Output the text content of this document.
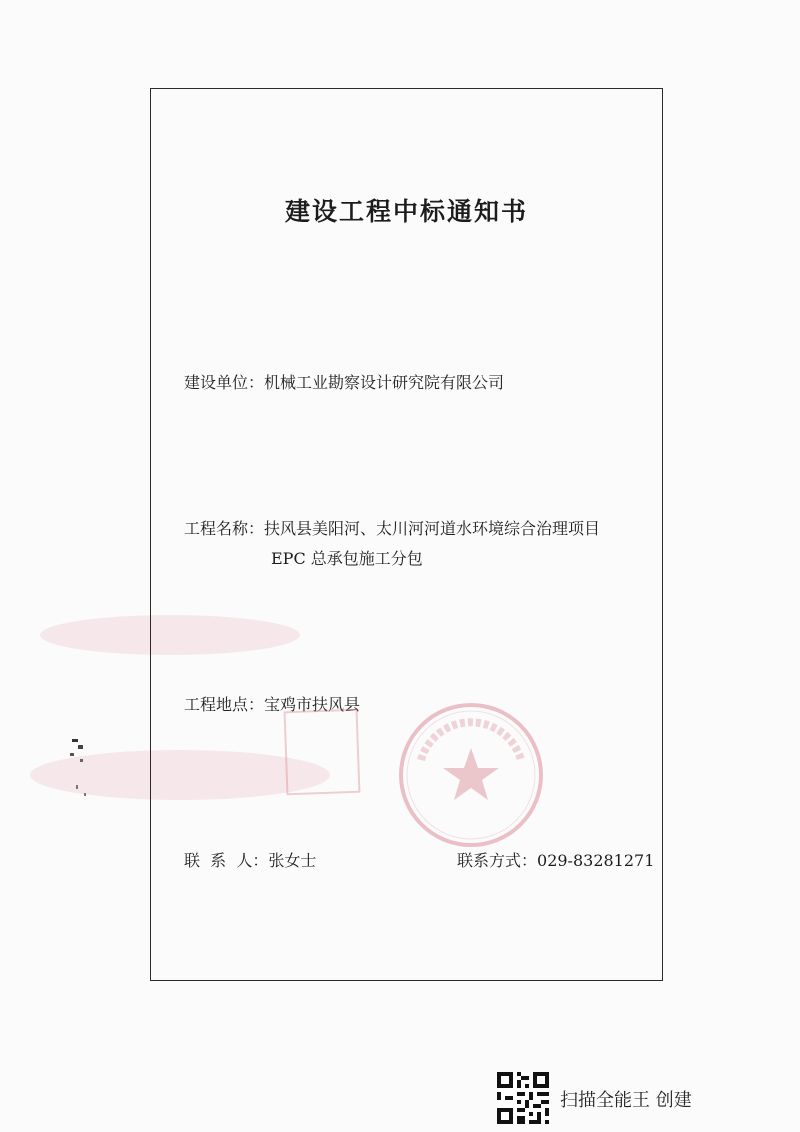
建设工程中标通知书
建设单位：机械工业勘察设计研究院有限公司
工程名称：扶风县美阳河、太川河河道水环境综合治理项目
EPC 总承包施工分包
工程地点：宝鸡市扶风县
联  系  人：张女士	联系方式：029-83281271
扫描全能王 创建
